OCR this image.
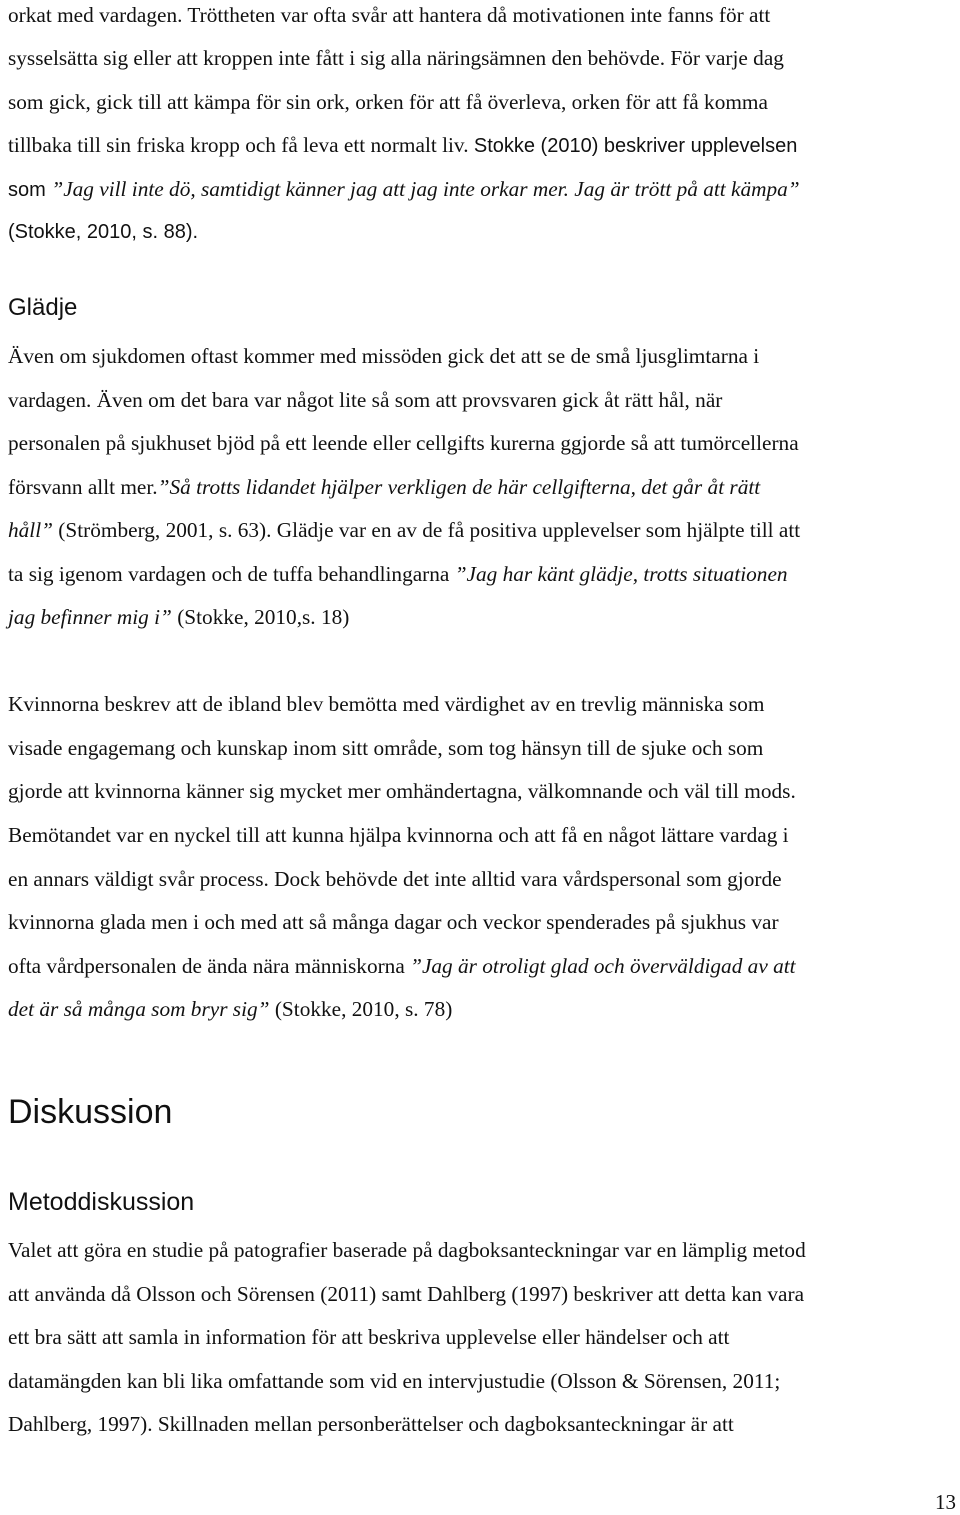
orkat med vardagen. Tröttheten var ofta svår att hantera då motivationen inte fanns för att
sysselsätta sig eller att kroppen inte fått i sig alla näringsämnen den behövde. För varje dag
som gick, gick till att kämpa för sin ork, orken för att få överleva, orken för att få komma
tillbaka till sin friska kropp och få leva ett normalt liv. Stokke (2010) beskriver upplevelsen
som ”Jag vill inte dö, samtidigt känner jag att jag inte orkar mer. Jag är trött på att kämpa”
(Stokke, 2010, s. 88).
Glädje
Även om sjukdomen oftast kommer med missöden gick det att se de små ljusglimtarna i
vardagen. Även om det bara var något lite så som att provsvaren gick åt rätt hål, när
personalen på sjukhuset bjöd på ett leende eller cellgifts kurerna ggjorde så att tumörcellerna
försvann allt mer.”Så trotts lidandet hjälper verkligen de här cellgifterna, det går åt rätt
håll” (Strömberg, 2001, s. 63). Glädje var en av de få positiva upplevelser som hjälpte till att
ta sig igenom vardagen och de tuffa behandlingarna ”Jag har känt glädje, trotts situationen
jag befinner mig i” (Stokke, 2010,s. 18)
Kvinnorna beskrev att de ibland blev bemötta med värdighet av en trevlig människa som
visade engagemang och kunskap inom sitt område, som tog hänsyn till de sjuke och som
gjorde att kvinnorna känner sig mycket mer omhändertagna, välkomnande och väl till mods.
Bemötandet var en nyckel till att kunna hjälpa kvinnorna och att få en något lättare vardag i
en annars väldigt svår process. Dock behövde det inte alltid vara vårdspersonal som gjorde
kvinnorna glada men i och med att så många dagar och veckor spenderades på sjukhus var
ofta vårdpersonalen de ända nära människorna ”Jag är otroligt glad och överväldigad av att
det är så många som bryr sig” (Stokke, 2010, s. 78)
Diskussion
Metoddiskussion
Valet att göra en studie på patografier baserade på dagboksanteckningar var en lämplig metod
att använda då Olsson och Sörensen (2011) samt Dahlberg (1997) beskriver att detta kan vara
ett bra sätt att samla in information för att beskriva upplevelse eller händelser och att
datamängden kan bli lika omfattande som vid en intervjustudie (Olsson & Sörensen, 2011;
Dahlberg, 1997). Skillnaden mellan personberättelser och dagboksanteckningar är att
13
